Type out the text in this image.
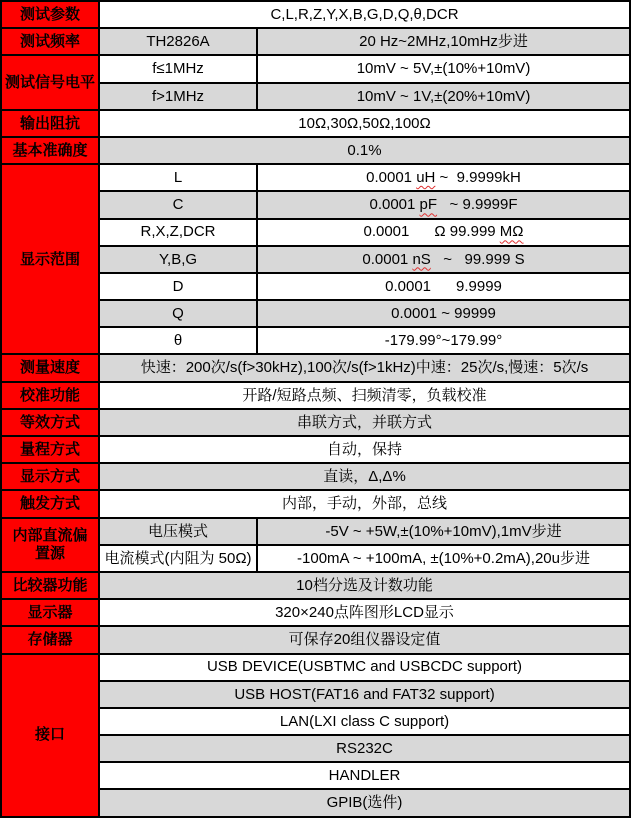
测试参数	C,L,R,Z,Y,X,B,G,D,Q,θ,DCR	
测试频率	TH2826A	20 Hz~2MHz,10mHz步进
测试信号电平	f≤1MHz	10mV ~ 5V,±(10%+10mV)
	f>1MHz	10mV ~ 1V,±(20%+10mV)
输出阻抗	10Ω,30Ω,50Ω,100Ω	
基本准确度	0.1%	
显示范围	L	0.0001 uH ~  9.9999kH
	C	0.0001 pF   ~ 9.9999F
	R,X,Z,DCR	0.0001      Ω 99.999 MΩ
	Y,B,G	0.0001 nS   ~   99.999 S
	D	0.0001      9.9999
	Q	0.0001 ~ 99999
	θ	-179.99°~179.99°
测量速度	快速：200次/s(f>30kHz),100次/s(f>1kHz)中速：25次/s,慢速：5次/s	
校准功能	开路/短路点频、扫频清零，负载校准	
等效方式	串联方式，并联方式	
量程方式	自动，保持	
显示方式	直读，Δ,Δ%	
触发方式	内部，手动，外部，总线	
内部直流偏置源	电压模式	-5V ~ +5W,±(10%+10mV),1mV步进
	电流模式(内阻为 50Ω)	-100mA ~ +100mA, ±(10%+0.2mA),20u步进
比较器功能	10档分选及计数功能	
显示器	320×240点阵图形LCD显示	
存储器	可保存20组仪器设定值	
接口	USB DEVICE(USBTMC and USBCDC support)	
	USB HOST(FAT16 and FAT32 support)	
	LAN(LXI class C support)	
	RS232C	
	HANDLER	
	GPIB(选件)	
